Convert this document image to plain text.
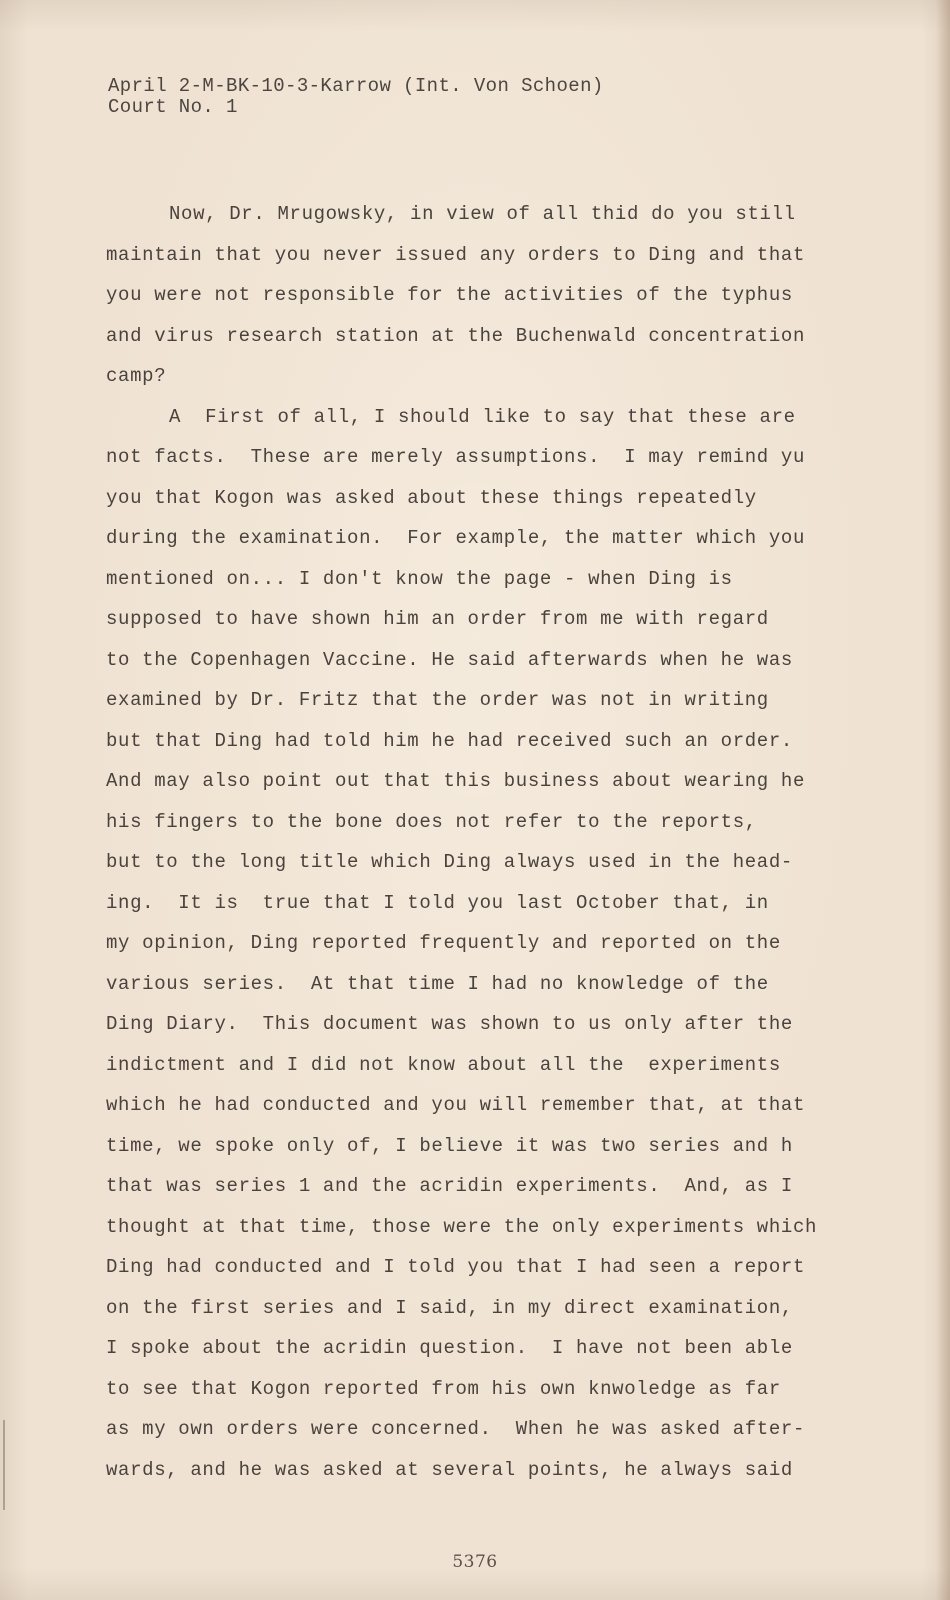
April 2-M-BK-10-3-Karrow (Int. Von Schoen)
Court No. 1
Now, Dr. Mrugowsky, in view of all thid do you still
maintain that you never issued any orders to Ding and that
you were not responsible for the activities of the typhus
and virus research station at the Buchenwald concentration
camp?
A  First of all, I should like to say that these are
not facts.  These are merely assumptions.  I may remind yu
you that Kogon was asked about these things repeatedly
during the examination.  For example, the matter which you
mentioned on... I don't know the page - when Ding is
supposed to have shown him an order from me with regard
to the Copenhagen Vaccine. He said afterwards when he was
examined by Dr. Fritz that the order was not in writing
but that Ding had told him he had received such an order.
And may also point out that this business about wearing he
his fingers to the bone does not refer to the reports,
but to the long title which Ding always used in the head-
ing.  It is  true that I told you last October that, in
my opinion, Ding reported frequently and reported on the
various series.  At that time I had no knowledge of the
Ding Diary.  This document was shown to us only after the
indictment and I did not know about all the  experiments
which he had conducted and you will remember that, at that
time, we spoke only of, I believe it was two series and h
that was series 1 and the acridin experiments.  And, as I
thought at that time, those were the only experiments which
Ding had conducted and I told you that I had seen a report
on the first series and I said, in my direct examination,
I spoke about the acridin question.  I have not been able
to see that Kogon reported from his own knwoledge as far
as my own orders were concerned.  When he was asked after-
wards, and he was asked at several points, he always said
5376
